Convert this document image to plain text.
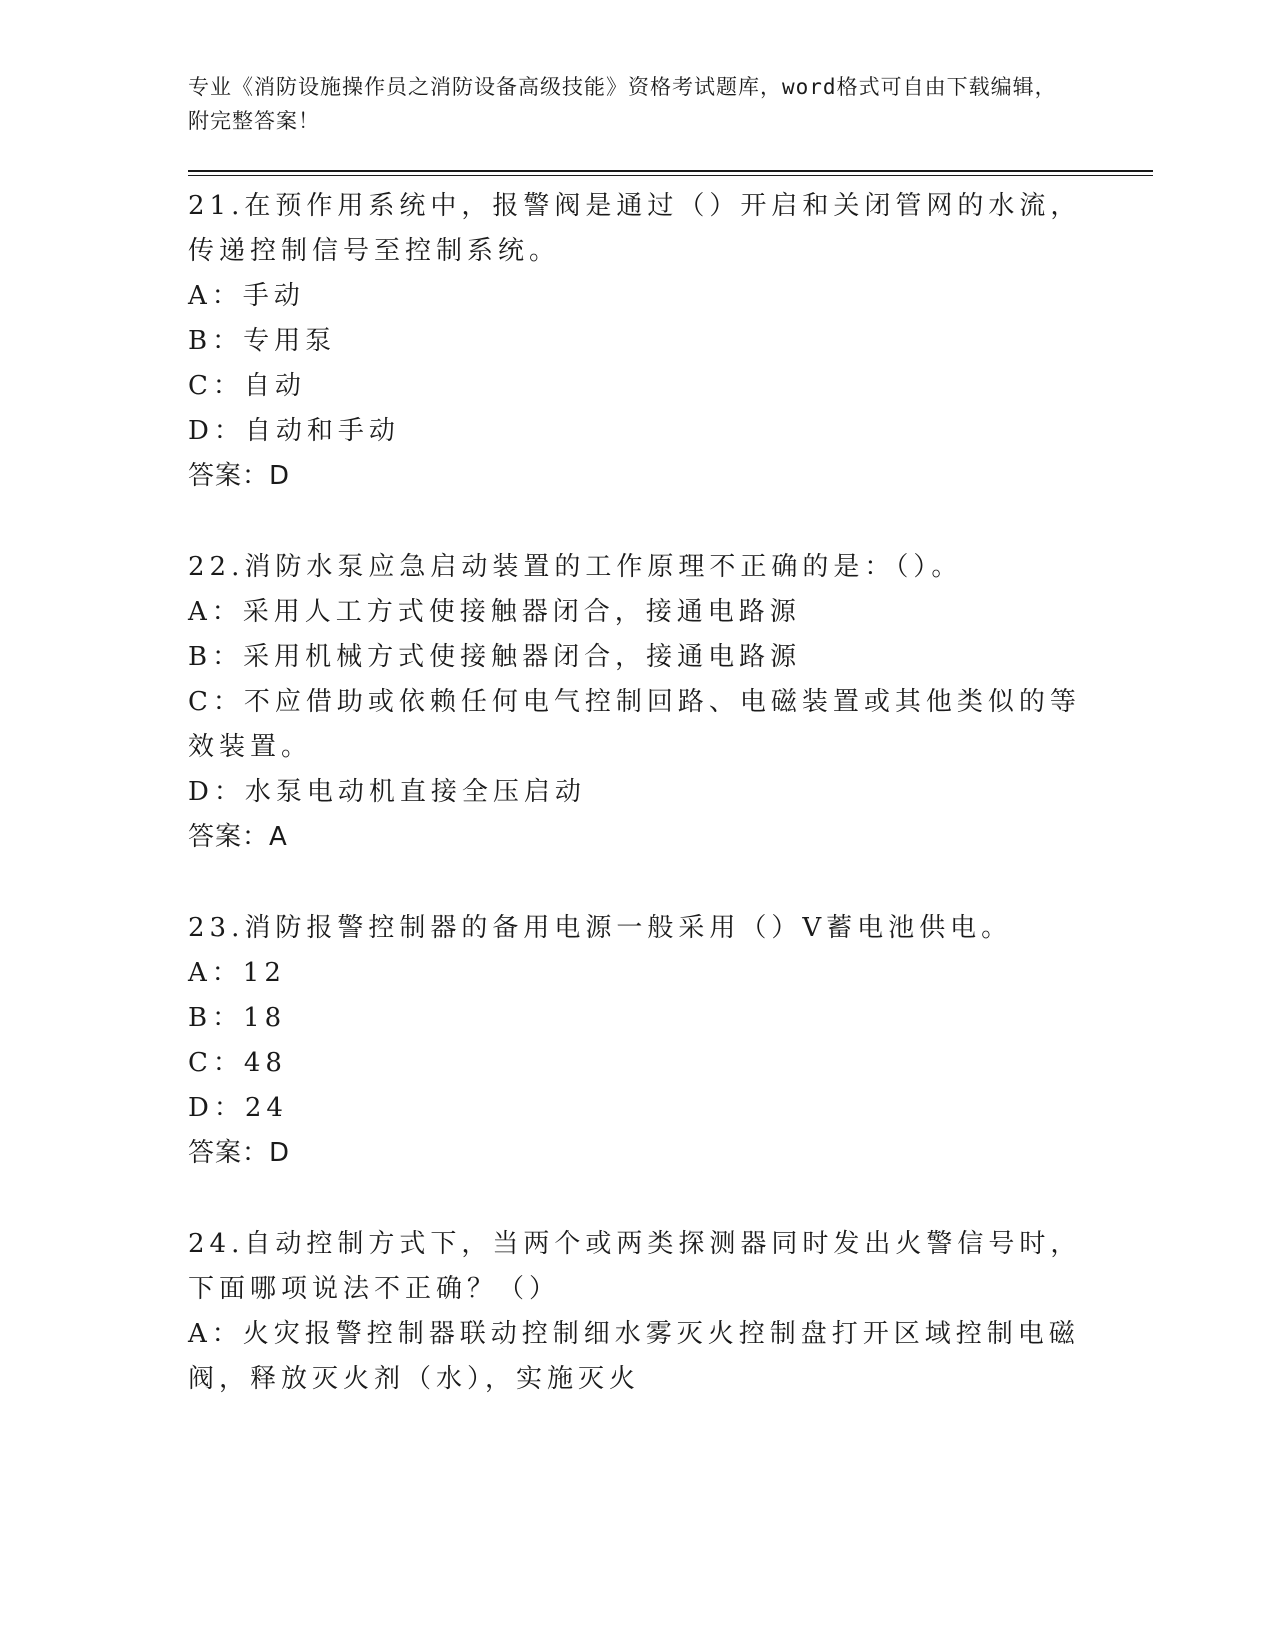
专业《消防设施操作员之消防设备高级技能》资格考试题库，word格式可自由下载编辑，附完整答案！

21.在预作用系统中，报警阀是通过（）开启和关闭管网的水流，传递控制信号至控制系统。

A：手动

B：专用泵

C：自动

D：自动和手动

答案：D

22.消防水泵应急启动装置的工作原理不正确的是：（）。

A：采用人工方式使接触器闭合，接通电路源

B：采用机械方式使接触器闭合，接通电路源

C：不应借助或依赖任何电气控制回路、电磁装置或其他类似的等效装置。

D：水泵电动机直接全压启动

答案：A

23.消防报警控制器的备用电源一般采用（）V蓄电池供电。

A：12

B：18

C：48

D：24

答案：D

24.自动控制方式下，当两个或两类探测器同时发出火警信号时，下面哪项说法不正确？（）

A：火灾报警控制器联动控制细水雾灭火控制盘打开区域控制电磁阀，释放灭火剂（水），实施灭火
